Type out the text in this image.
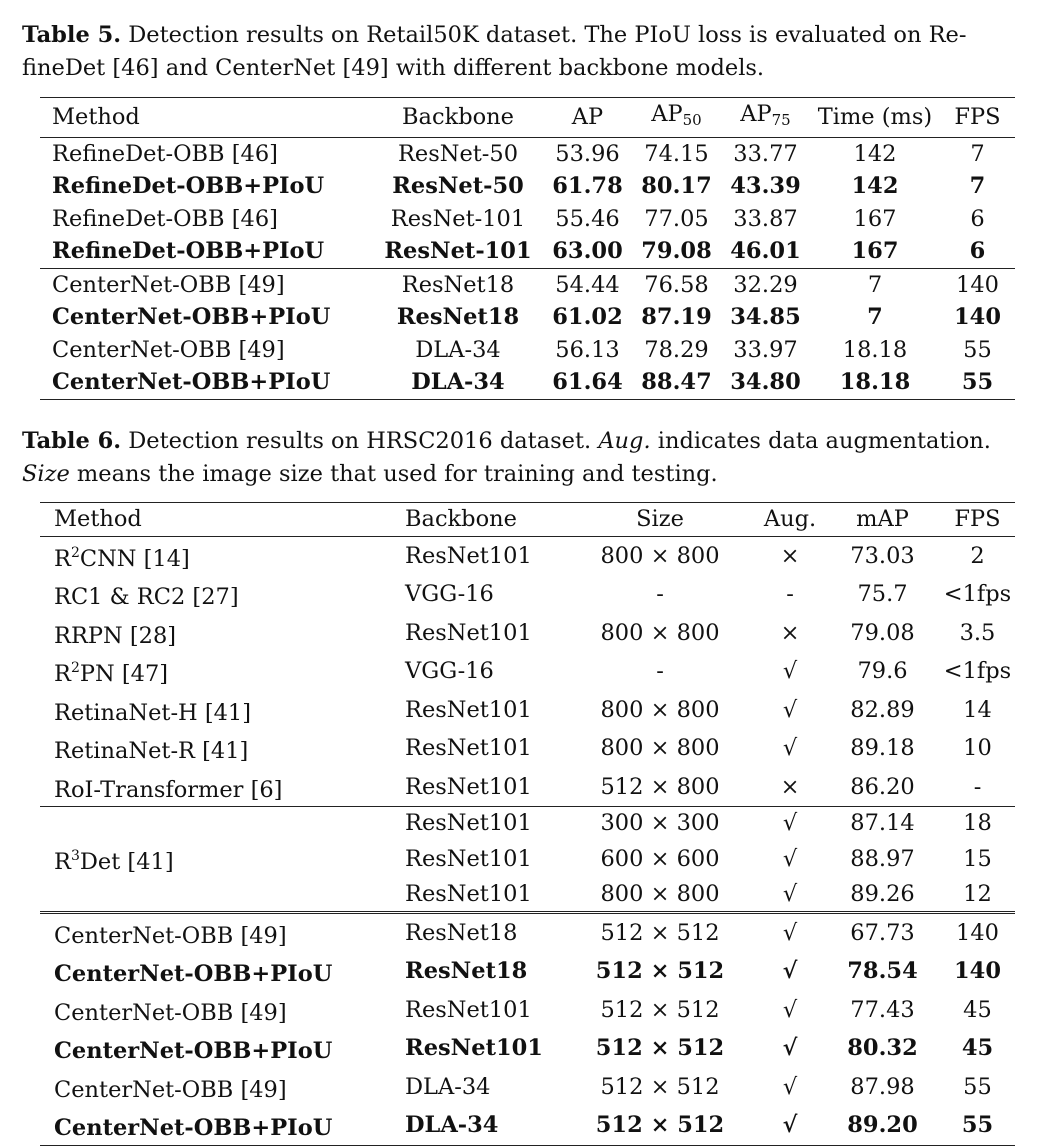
Table 5. Detection results on Retail50K dataset. The PIoU loss is evaluated on Re-
fineDet [46] and CenterNet [49] with different backbone models.
Method	Backbone	AP	$AP_{50}$	$AP_{75}$	Time (ms)	FPS
RefineDet-OBB [46]	ResNet-50	53.96	74.15	33.77	142	7
RefineDet-OBB+PIoU	ResNet-50	61.78	80.17	43.39	142	7
RefineDet-OBB [46]	ResNet-101	55.46	77.05	33.87	167	6
RefineDet-OBB+PIoU	ResNet-101	63.00	79.08	46.01	167	6
CenterNet-OBB [49]	ResNet18	54.44	76.58	32.29	7	140
CenterNet-OBB+PIoU	ResNet18	61.02	87.19	34.85	7	140
CenterNet-OBB [49]	DLA-34	56.13	78.29	33.97	18.18	55
CenterNet-OBB+PIoU	DLA-34	61.64	88.47	34.80	18.18	55
Table 6. Detection results on HRSC2016 dataset. Aug. indicates data augmentation.
Size means the image size that used for training and testing.
Method	Backbone	Size	Aug.	mAP	FPS
$R^2CNN$ [14]	ResNet101	800 × 800	×	73.03	2
RC1 & RC2 [27]	VGG-16	-	-	75.7	<1fps
RRPN [28]	ResNet101	800 × 800	×	79.08	3.5
$R^2PN$ [47]	VGG-16	-	√	79.6	<1fps
RetinaNet-H [41]	ResNet101	800 × 800	√	82.89	14
RetinaNet-R [41]	ResNet101	800 × 800	√	89.18	10
RoI-Transformer [6]	ResNet101	512 × 800	×	86.20	-
	ResNet101	300 × 300	√	87.14	18
$R^3Det$ [41]	ResNet101	600 × 600	√	88.97	15
	ResNet101	800 × 800	√	89.26	12
CenterNet-OBB [49]	ResNet18	512 × 512	√	67.73	140
CenterNet-OBB+PIoU	ResNet18	512 × 512	√	78.54	140
CenterNet-OBB [49]	ResNet101	512 × 512	√	77.43	45
CenterNet-OBB+PIoU	ResNet101	512 × 512	√	80.32	45
CenterNet-OBB [49]	DLA-34	512 × 512	√	87.98	55
CenterNet-OBB+PIoU	DLA-34	512 × 512	√	89.20	55
